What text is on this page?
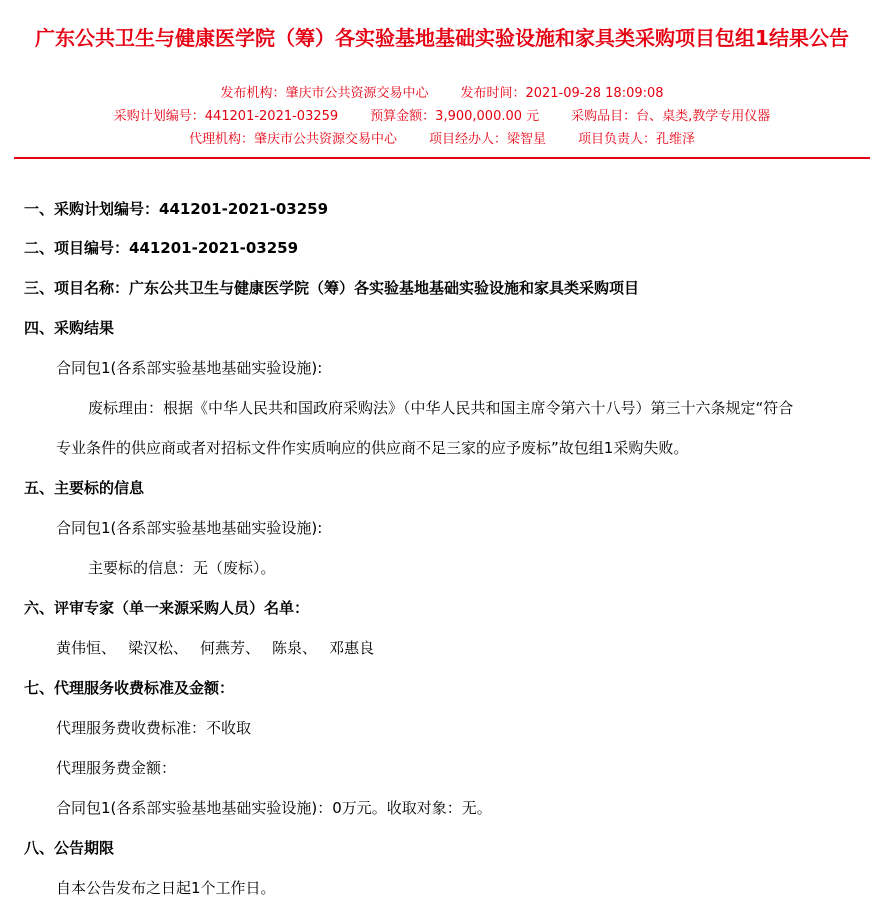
广东公共卫生与健康医学院（筹）各实验基地基础实验设施和家具类采购项目包组1结果公告
发布机构：肇庆市公共资源交易中心 发布时间：2021-09-28 18:09:08
采购计划编号：441201-2021-03259 预算金额：3,900,000.00 元 采购品目：台、桌类,教学专用仪器
代理机构：肇庆市公共资源交易中心 项目经办人：梁智星 项目负责人：孔维泽
一、采购计划编号：441201-2021-03259
二、项目编号：441201-2021-03259
三、项目名称：广东公共卫生与健康医学院（筹）各实验基地基础实验设施和家具类采购项目
四、采购结果
合同包1(各系部实验基地基础实验设施):
废标理由：根据《中华人民共和国政府采购法》（中华人民共和国主席令第六十八号）第三十六条规定“符合
专业条件的供应商或者对招标文件作实质响应的供应商不足三家的应予废标”故包组1采购失败。
五、主要标的信息
合同包1(各系部实验基地基础实验设施):
主要标的信息：无（废标）。
六、评审专家（单一来源采购人员）名单：
黄伟恒、 梁汉松、 何燕芳、 陈泉、 邓惠良
七、代理服务收费标准及金额：
代理服务费收费标准：不收取
代理服务费金额：
合同包1(各系部实验基地基础实验设施)：0万元。收取对象：无。
八、公告期限
自本公告发布之日起1个工作日。
